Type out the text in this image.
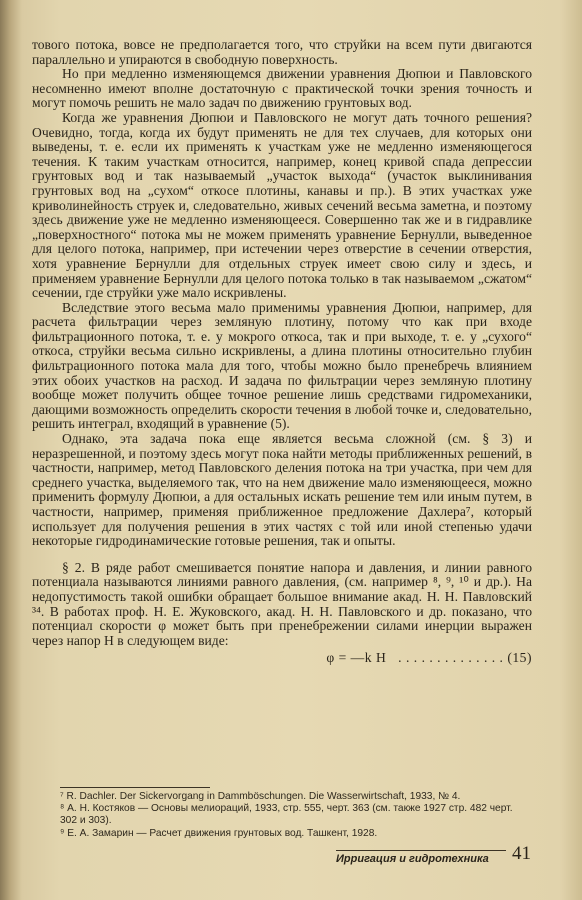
тового потока, вовсе не предполагается того, что струйки на всем пути двигаются параллельно и упираются в свободную поверхность.

Но при медленно изменяющемся движении уравнения Дюпюи и Павловского несомненно имеют вполне достаточную с практической точки зрения точность и могут помочь решить не мало задач по движению грунтовых вод.

Когда же уравнения Дюпюи и Павловского не могут дать точного решения? Очевидно, тогда, когда их будут применять не для тех случаев, для которых они выведены, т. е. если их применять к участкам уже не медленно изменяющегося течения. К таким участкам относится, например, конец кривой спада депрессии грунтовых вод и так называемый „участок выхода“ (участок выклинивания грунтовых вод на „сухом“ откосе плотины, канавы и пр.). В этих участках уже криволинейность струек и, следовательно, живых сечений весьма заметна, и поэтому здесь движение уже не медленно изменяющееся. Совершенно так же и в гидравлике „поверхностного“ потока мы не можем применять уравнение Бернулли, выведенное для целого потока, например, при истечении через отверстие в сечении отверстия, хотя уравнение Бернулли для отдельных струек имеет свою силу и здесь, и применяем уравнение Бернулли для целого потока только в так называемом „сжатом“ сечении, где струйки уже мало искривлены.

Вследствие этого весьма мало применимы уравнения Дюпюи, например, для расчета фильтрации через земляную плотину, потому что как при входе фильтрационного потока, т. е. у мокрого откоса, так и при выходе, т. е. у „сухого“ откоса, струйки весьма сильно искривлены, а длина плотины относительно глубин фильтрационного потока мала для того, чтобы можно было пренебречь влиянием этих обоих участков на расход. И задача по фильтрации через земляную плотину вообще может получить общее точное решение лишь средствами гидромеханики, дающими возможность определить скорости течения в любой точке и, следовательно, решить интеграл, входящий в уравнение (5).

Однако, эта задача пока еще является весьма сложной (см. § 3) и неразрешенной, и поэтому здесь могут пока найти методы приближенных решений, в частности, например, метод Павловского деления потока на три участка, при чем для среднего участка, выделяемого так, что на нем движение мало изменяющееся, можно применить формулу Дюпюи, а для остальных искать решение тем или иным путем, в частности, например, применяя приближенное предложение Дахлера⁷, который использует для получения решения в этих частях с той или иной степенью удачи некоторые гидродинамические готовые решения, так и опыты.

§ 2. В ряде работ смешивается понятие напора и давления, и линии равного потенциала называются линиями равного давления, (см. например ⁸, ⁹, ¹⁰ и др.). На недопустимость такой ошибки обращает большое внимание акад. Н. Н. Павловский ³⁴. В работах проф. Н. Е. Жуковского, акад. Н. Н. Павловского и др. показано, что потенциал скорости φ может быть при пренебрежении силами инерции выражен через напор H в следующем виде:

φ = —k H . . . . . . . . . . . . . . (15)

⁷ R. Dachler. Der Sickervorgang in Dammböschungen. Die Wasserwirtschaft, 1933, № 4.

⁸ А. Н. Костяков — Основы мелиораций, 1933, стр. 555, черт. 363 (см. также 1927 стр. 482 черт. 302 и 303).

⁹ Е. А. Замарин — Расчет движения грунтовых вод. Ташкент, 1928.

Ирригация и гидротехника 41
